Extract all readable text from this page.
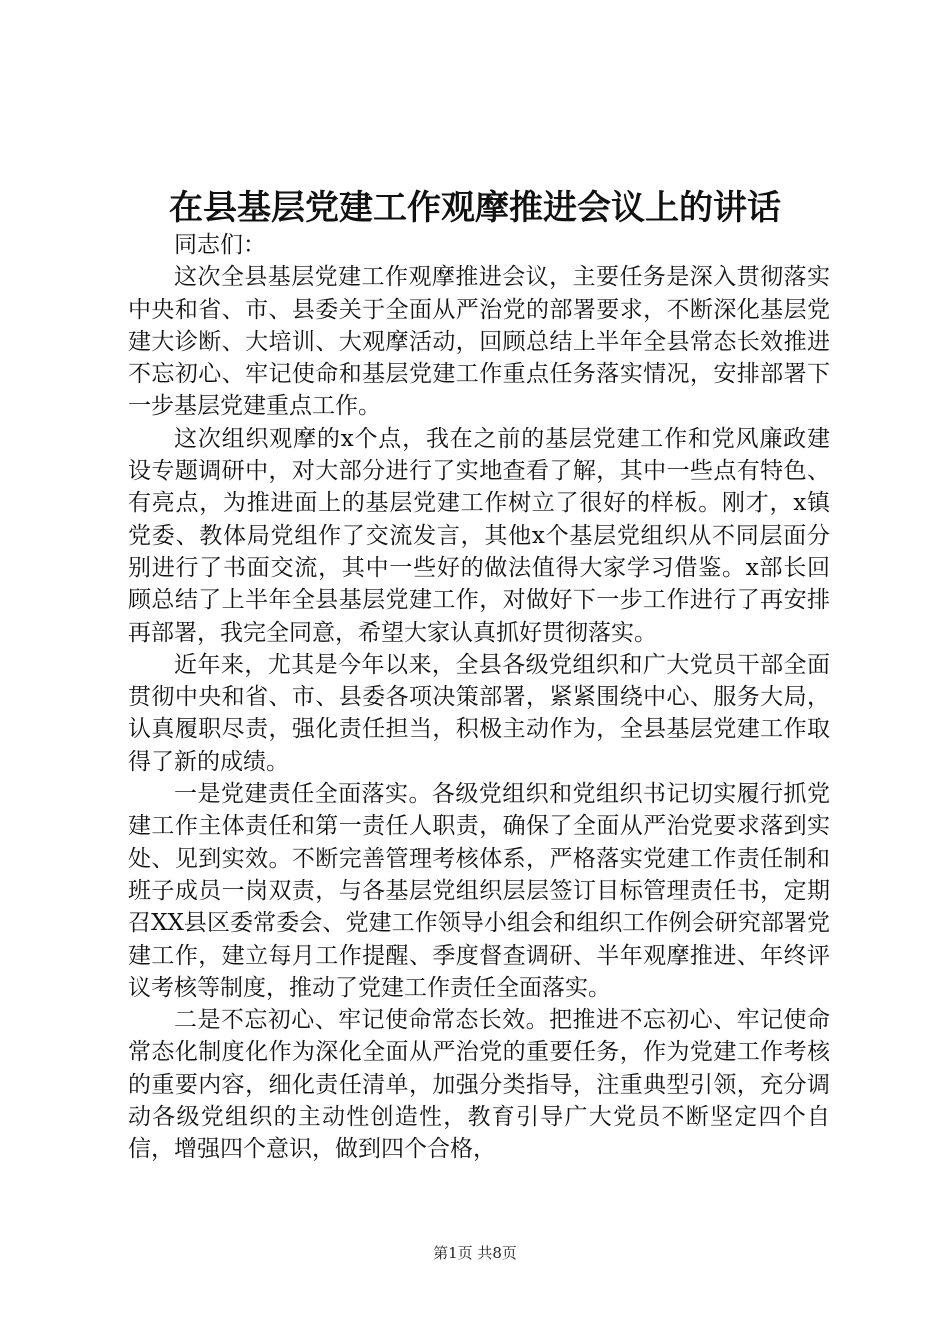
在县基层党建工作观摩推进会议上的讲话

同志们：

这次全县基层党建工作观摩推进会议，主要任务是深入贯彻落实中央和省、市、县委关于全面从严治党的部署要求，不断深化基层党建大诊断、大培训、大观摩活动，回顾总结上半年全县常态长效推进不忘初心、牢记使命和基层党建工作重点任务落实情况，安排部署下一步基层党建重点工作。

这次组织观摩的x个点，我在之前的基层党建工作和党风廉政建设专题调研中，对大部分进行了实地查看了解，其中一些点有特色、有亮点，为推进面上的基层党建工作树立了很好的样板。刚才，x镇党委、教体局党组作了交流发言，其他x个基层党组织从不同层面分别进行了书面交流，其中一些好的做法值得大家学习借鉴。x部长回顾总结了上半年全县基层党建工作，对做好下一步工作进行了再安排再部署，我完全同意，希望大家认真抓好贯彻落实。

近年来，尤其是今年以来，全县各级党组织和广大党员干部全面贯彻中央和省、市、县委各项决策部署，紧紧围绕中心、服务大局，认真履职尽责，强化责任担当，积极主动作为，全县基层党建工作取得了新的成绩。

一是党建责任全面落实。各级党组织和党组织书记切实履行抓党建工作主体责任和第一责任人职责，确保了全面从严治党要求落到实处、见到实效。不断完善管理考核体系，严格落实党建工作责任制和班子成员一岗双责，与各基层党组织层层签订目标管理责任书，定期召XX县区委常委会、党建工作领导小组会和组织工作例会研究部署党建工作，建立每月工作提醒、季度督查调研、半年观摩推进、年终评议考核等制度，推动了党建工作责任全面落实。

二是不忘初心、牢记使命常态长效。把推进不忘初心、牢记使命常态化制度化作为深化全面从严治党的重要任务，作为党建工作考核的重要内容，细化责任清单，加强分类指导，注重典型引领，充分调动各级党组织的主动性创造性，教育引导广大党员不断坚定四个自信，增强四个意识，做到四个合格，

第1页 共8页
